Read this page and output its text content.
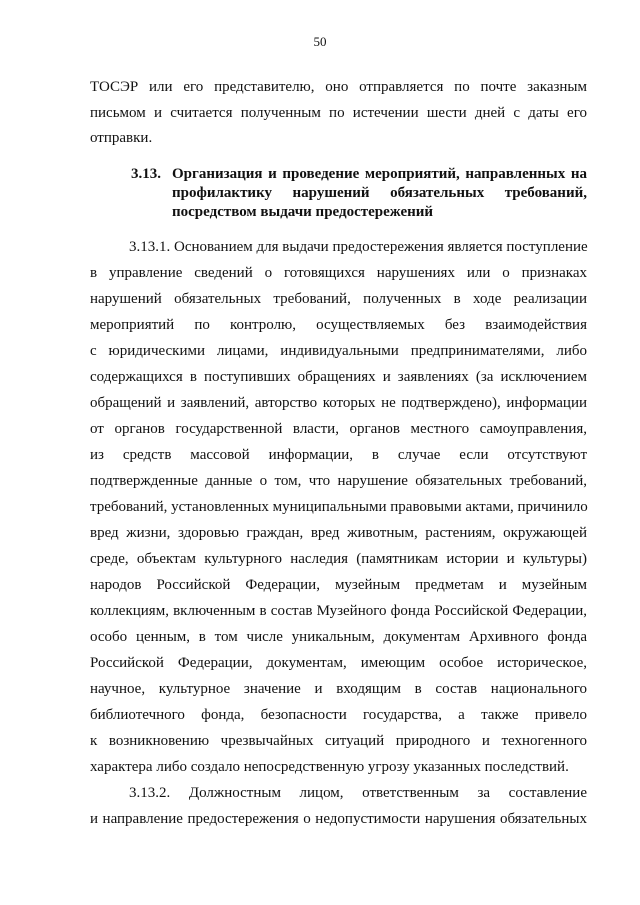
50
ТОСЭР или его представителю, оно отправляется по почте заказным
письмом и считается полученным по истечении шести дней с даты его
отправки.
3.13. Организация и проведение мероприятий, направленных на
профилактику нарушений обязательных требований,
посредством выдачи предостережений
3.13.1. Основанием для выдачи предостережения является поступление
в управление сведений о готовящихся нарушениях или о признаках
нарушений обязательных требований, полученных в ходе реализации
мероприятий по контролю, осуществляемых без взаимодействия
с юридическими лицами, индивидуальными предпринимателями, либо
содержащихся в поступивших обращениях и заявлениях (за исключением
обращений и заявлений, авторство которых не подтверждено), информации
от органов государственной власти, органов местного самоуправления,
из средств массовой информации, в случае если отсутствуют
подтвержденные данные о том, что нарушение обязательных требований,
требований, установленных муниципальными правовыми актами, причинило
вред жизни, здоровью граждан, вред животным, растениям, окружающей
среде, объектам культурного наследия (памятникам истории и культуры)
народов Российской Федерации, музейным предметам и музейным
коллекциям, включенным в состав Музейного фонда Российской Федерации,
особо ценным, в том числе уникальным, документам Архивного фонда
Российской Федерации, документам, имеющим особое историческое,
научное, культурное значение и входящим в состав национального
библиотечного фонда, безопасности государства, а также привело
к возникновению чрезвычайных ситуаций природного и техногенного
характера либо создало непосредственную угрозу указанных последствий.
3.13.2. Должностным лицом, ответственным за составление
и направление предостережения о недопустимости нарушения обязательных
